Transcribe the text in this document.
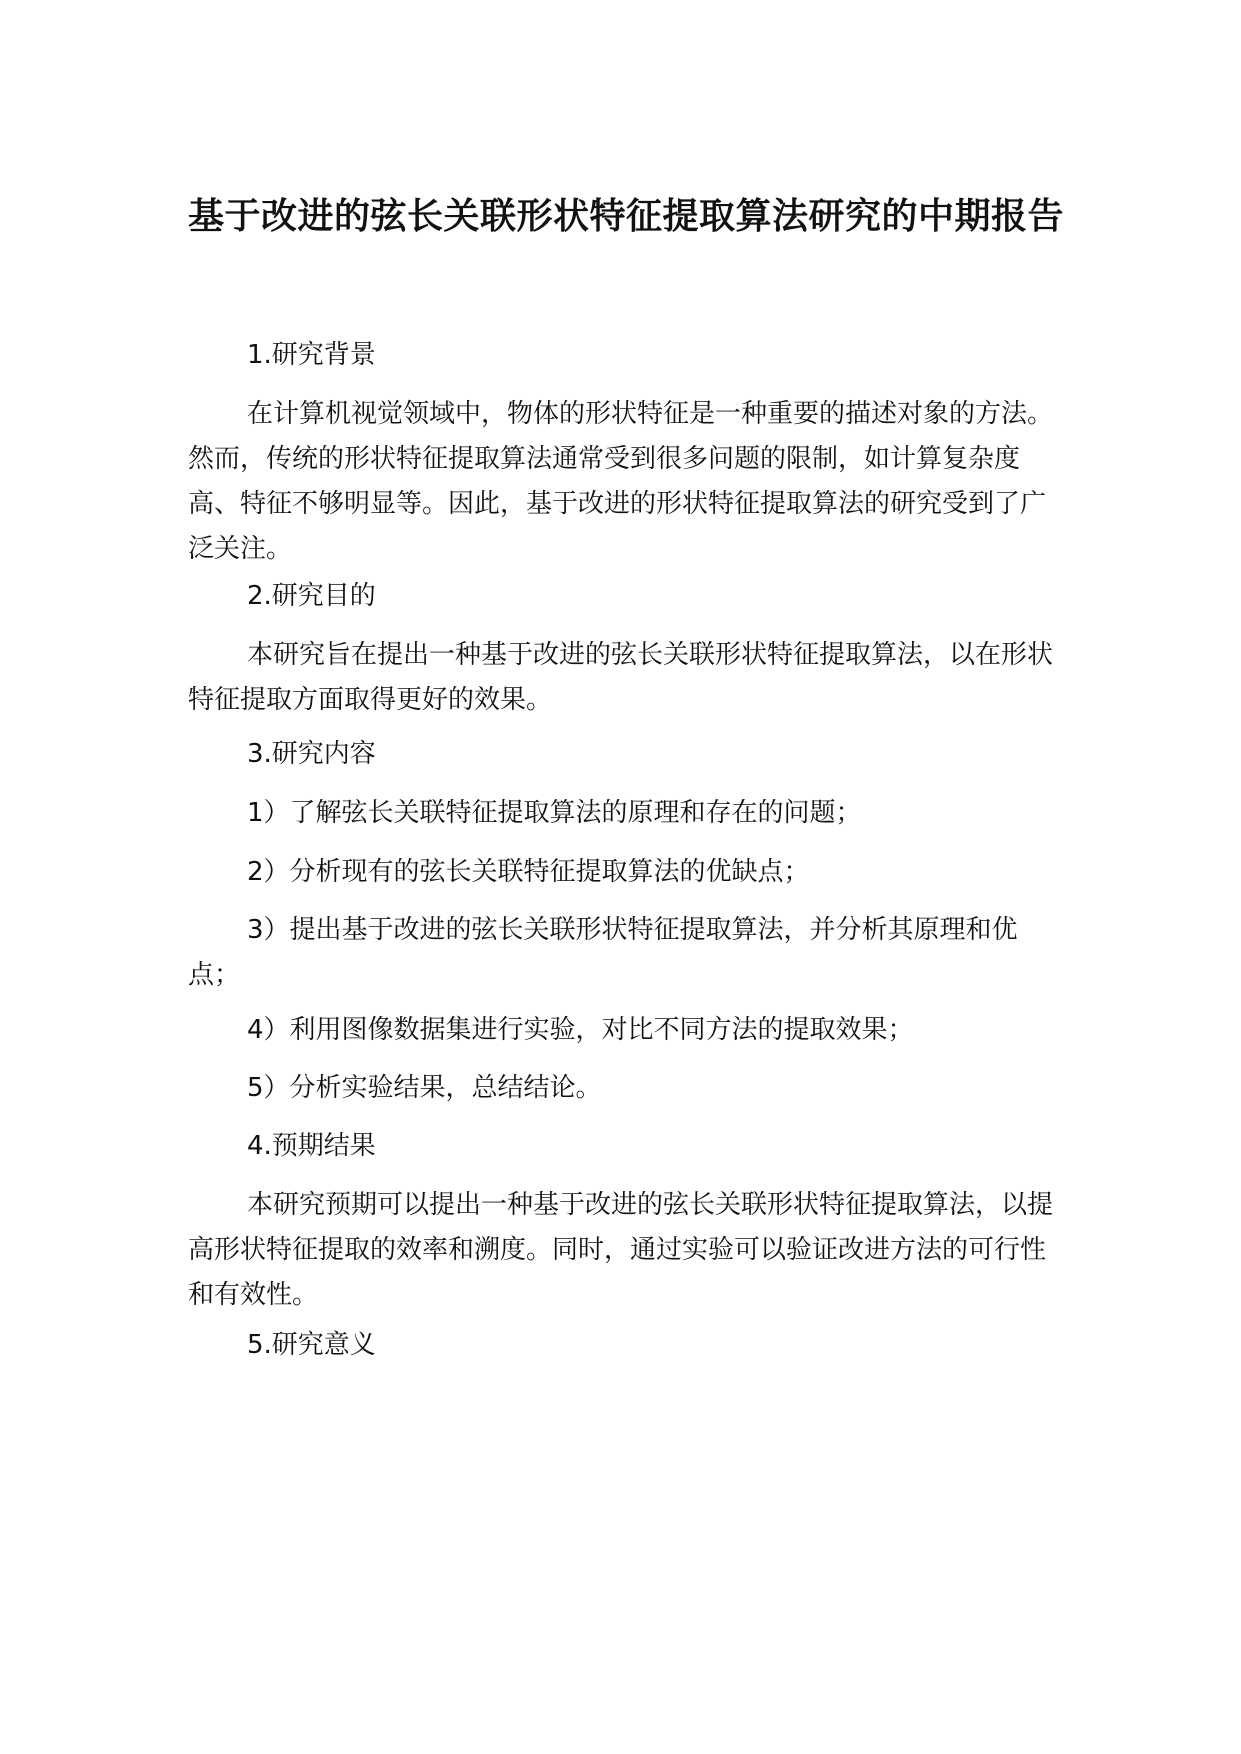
基于改进的弦长关联形状特征提取算法研究的中期报告

1.研究背景

在计算机视觉领域中，物体的形状特征是一种重要的描述对象的方法。然而，传统的形状特征提取算法通常受到很多问题的限制，如计算复杂度高、特征不够明显等。因此，基于改进的形状特征提取算法的研究受到了广泛关注。

2.研究目的

本研究旨在提出一种基于改进的弦长关联形状特征提取算法，以在形状特征提取方面取得更好的效果。

3.研究内容

1）了解弦长关联特征提取算法的原理和存在的问题；

2）分析现有的弦长关联特征提取算法的优缺点；

3）提出基于改进的弦长关联形状特征提取算法，并分析其原理和优点；

4）利用图像数据集进行实验，对比不同方法的提取效果；

5）分析实验结果，总结结论。

4.预期结果

本研究预期可以提出一种基于改进的弦长关联形状特征提取算法，以提高形状特征提取的效率和溯度。同时，通过实验可以验证改进方法的可行性和有效性。

5.研究意义
